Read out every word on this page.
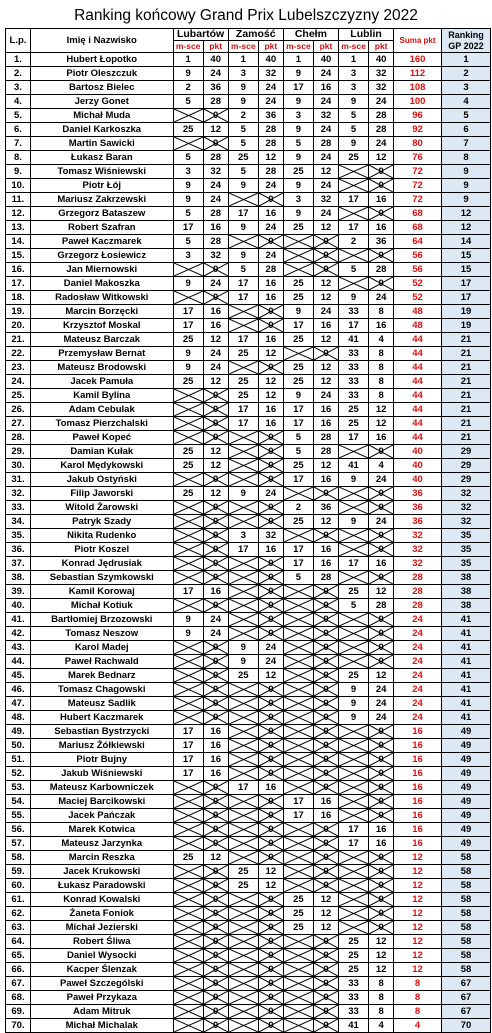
Ranking końcowy Grand Prix Lubelszczyzny 2022
L.p.	Imię i Nazwisko	Lubartów		Zamość		Chełm		Lublin		Suma pkt	Ranking GP 2022

		m-sce	pkt	m-sce	pkt	m-sce	pkt	m-sce	pkt		
1.	Hubert Łopotko	1	40	1	40	1	40	1	40	160	1
2.	Piotr Oleszczuk	9	24	3	32	9	24	3	32	112	2
3.	Bartosz Bielec	2	36	9	24	17	16	3	32	108	3
4.	Jerzy Gonet	5	28	9	24	9	24	9	24	100	4
5.	Michał Muda		0	2	36	3	32	5	28	96	5
6.	Daniel Karkoszka	25	12	5	28	9	24	5	28	92	6
7.	Martin Sawicki		0	5	28	5	28	9	24	80	7
8.	Łukasz Baran	5	28	25	12	9	24	25	12	76	8
9.	Tomasz Wiśniewski	3	32	5	28	25	12		0	72	9
10.	Piotr Łój	9	24	9	24	9	24		0	72	9
11.	Mariusz Zakrzewski	9	24		0	3	32	17	16	72	9
12.	Grzegorz Bataszew	5	28	17	16	9	24		0	68	12
13.	Robert Szafran	17	16	9	24	25	12	17	16	68	12
14.	Paweł Kaczmarek	5	28		0		0	2	36	64	14
15.	Grzegorz Łosiewicz	3	32	9	24		0		0	56	15
16.	Jan Miernowski		0	5	28		0	5	28	56	15
17.	Daniel Makoszka	9	24	17	16	25	12		0	52	17
18.	Radosław Witkowski		0	17	16	25	12	9	24	52	17
19.	Marcin Borzęcki	17	16		0	9	24	33	8	48	19
20.	Krzysztof Moskal	17	16		0	17	16	17	16	48	19
21.	Mateusz Barczak	25	12	17	16	25	12	41	4	44	21
22.	Przemysław Bernat	9	24	25	12		0	33	8	44	21
23.	Mateusz Brodowski	9	24		0	25	12	33	8	44	21
24.	Jacek Pamuła	25	12	25	12	25	12	33	8	44	21
25.	Kamil Bylina		0	25	12	9	24	33	8	44	21
26.	Adam Cebulak		0	17	16	17	16	25	12	44	21
27.	Tomasz Pierzchalski		0	17	16	17	16	25	12	44	21
28.	Paweł Kopeć		0		0	5	28	17	16	44	21
29.	Damian Kułak	25	12		0	5	28		0	40	29
30.	Karol Mędykowski	25	12		0	25	12	41	4	40	29
31.	Jakub Ostyński		0		0	17	16	9	24	40	29
32.	Filip Jaworski	25	12	9	24		0		0	36	32
33.	Witold Żarowski		0		0	2	36		0	36	32
34.	Patryk Szady		0		0	25	12	9	24	36	32
35.	Nikita Rudenko		0	3	32		0		0	32	35
36.	Piotr Koszel		0	17	16	17	16		0	32	35
37.	Konrad Jędrusiak		0		0	17	16	17	16	32	35
38.	Sebastian Szymkowski		0		0	5	28		0	28	38
39.	Kamil Korowaj	17	16		0		0	25	12	28	38
40.	Michał Kotiuk		0		0		0	5	28	28	38
41.	Bartłomiej Brzozowski	9	24		0		0		0	24	41
42.	Tomasz Neszow	9	24		0		0		0	24	41
43.	Karol Madej		0	9	24		0		0	24	41
44.	Paweł Rachwald		0	9	24		0		0	24	41
45.	Marek Bednarz		0	25	12		0	25	12	24	41
46.	Tomasz Chagowski		0		0		0	9	24	24	41
47.	Mateusz Sadlik		0		0		0	9	24	24	41
48.	Hubert Kaczmarek		0		0		0	9	24	24	41
49.	Sebastian Bystrzycki	17	16		0		0		0	16	49
50.	Mariusz Żółkiewski	17	16		0		0		0	16	49
51.	Piotr Bujny	17	16		0		0		0	16	49
52.	Jakub Wiśniewski	17	16		0		0		0	16	49
53.	Mateusz Karbowniczek		0	17	16		0		0	16	49
54.	Maciej Barcikowski		0		0	17	16		0	16	49
55.	Jacek Pańczak		0		0	17	16		0	16	49
56.	Marek Kotwica		0		0		0	17	16	16	49
57.	Mateusz Jarzynka		0		0		0	17	16	16	49
58.	Marcin Reszka	25	12		0		0		0	12	58
59.	Jacek Krukowski		0	25	12		0		0	12	58
60.	Łukasz Paradowski		0	25	12		0		0	12	58
61.	Konrad Kowalski		0		0	25	12		0	12	58
62.	Żaneta Foniok		0		0	25	12		0	12	58
63.	Michał Jezierski		0		0	25	12		0	12	58
64.	Robert Śliwa		0		0		0	25	12	12	58
65.	Daniel Wysocki		0		0		0	25	12	12	58
66.	Kacper Ślenzak		0		0		0	25	12	12	58
67.	Paweł Szczególski		0		0		0	33	8	8	67
68.	Paweł Przykaza		0		0		0	33	8	8	67
69.	Adam Mitruk		0		0		0	33	8	8	67
70.	Michał Michalak		0		0		0	41	4	4	70
